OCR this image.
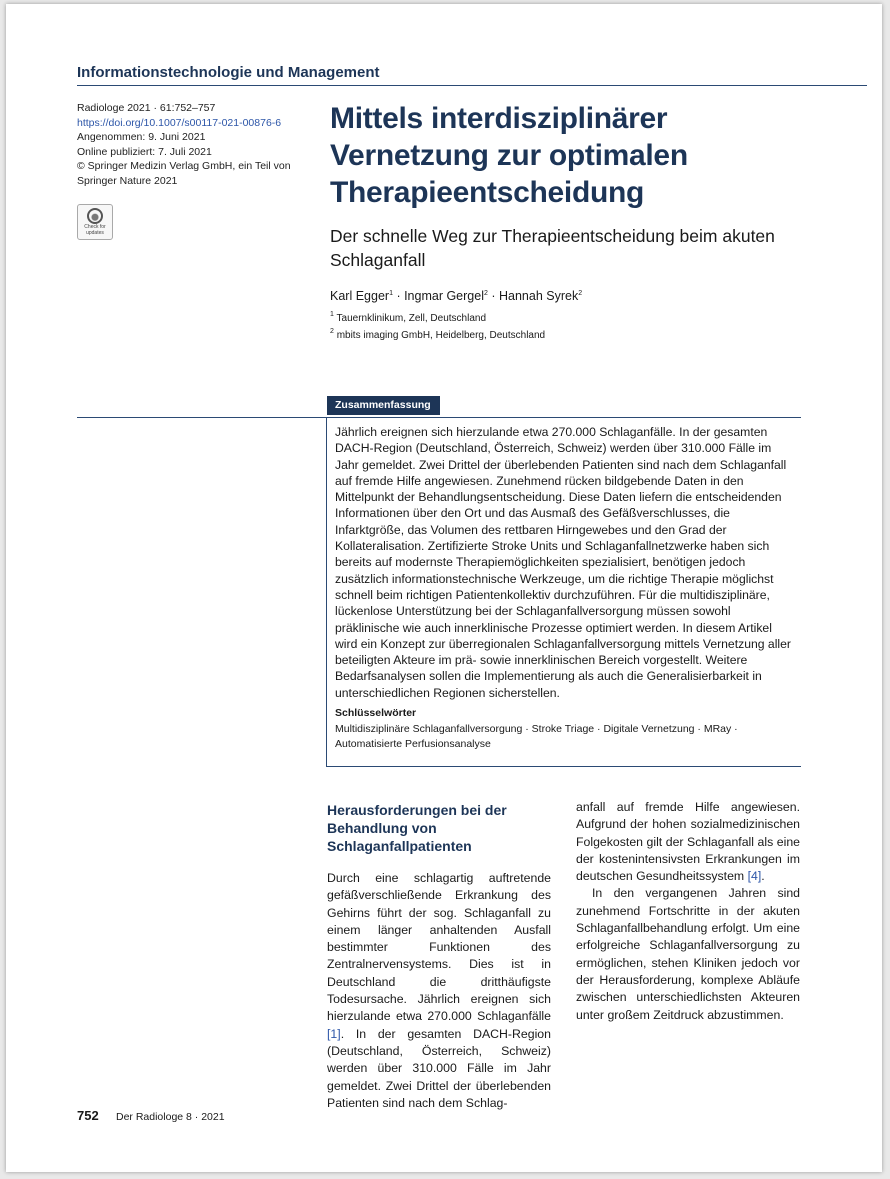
Informationstechnologie und Management
Radiologe 2021 · 61:752–757
https://doi.org/10.1007/s00117-021-00876-6
Angenommen: 9. Juni 2021
Online publiziert: 7. Juli 2021
© Springer Medizin Verlag GmbH, ein Teil von
Springer Nature 2021
Check for updates
Mittels interdisziplinärer Vernetzung zur optimalen Therapieentscheidung
Der schnelle Weg zur Therapieentscheidung beim akuten Schlaganfall
Karl Egger$^1$ · Ingmar Gergel$^2$ · Hannah Syrek$^2$
$^1$ Tauernklinikum, Zell, Deutschland
$^2$ mbits imaging GmbH, Heidelberg, Deutschland
Zusammenfassung
Jährlich ereignen sich hierzulande etwa 270.000 Schlaganfälle. In der gesamten DACH-Region (Deutschland, Österreich, Schweiz) werden über 310.000 Fälle im Jahr gemeldet. Zwei Drittel der überlebenden Patienten sind nach dem Schlaganfall auf fremde Hilfe angewiesen. Zunehmend rücken bildgebende Daten in den Mittelpunkt der Behandlungsentscheidung. Diese Daten liefern die entscheidenden Informationen über den Ort und das Ausmaß des Gefäßverschlusses, die Infarktgröße, das Volumen des rettbaren Hirngewebes und den Grad der Kollateralisation. Zertifizierte Stroke Units und Schlaganfallnetzwerke haben sich bereits auf modernste Therapiemöglichkeiten spezialisiert, benötigen jedoch zusätzlich informationstechnische Werkzeuge, um die richtige Therapie möglichst schnell beim richtigen Patientenkollektiv durchzuführen. Für die multidisziplinäre, lückenlose Unterstützung bei der Schlaganfallversorgung müssen sowohl präklinische wie auch innerklinische Prozesse optimiert werden. In diesem Artikel wird ein Konzept zur überregionalen Schlaganfallversorgung mittels Vernetzung aller beteiligten Akteure im prä- sowie innerklinischen Bereich vorgestellt. Weitere Bedarfsanalysen sollen die Implementierung als auch die Generalisierbarkeit in unterschiedlichen Regionen sicherstellen.
Schlüsselwörter
Multidisziplinäre Schlaganfallversorgung · Stroke Triage · Digitale Vernetzung · MRay · Automatisierte Perfusionsanalyse
Herausforderungen bei der Behandlung von Schlaganfallpatienten

Durch eine schlagartig auftretende gefäßverschließende Erkrankung des Gehirns führt der sog. Schlaganfall zu einem länger anhaltenden Ausfall bestimmter Funktionen des Zentralnervensystems. Dies ist in Deutschland die dritthäufigste Todesursache. Jährlich ereignen sich hierzulande etwa 270.000 Schlaganfälle [1]. In der gesamten DACH-Region (Deutschland, Österreich, Schweiz) werden über 310.000 Fälle im Jahr gemeldet. Zwei Drittel der überlebenden Patienten sind nach dem Schlag-

anfall auf fremde Hilfe angewiesen. Aufgrund der hohen sozialmedizinischen Folgekosten gilt der Schlaganfall als eine der kostenintensivsten Erkrankungen im deutschen Gesundheitssystem [4].

In den vergangenen Jahren sind zunehmend Fortschritte in der akuten Schlaganfallbehandlung erfolgt. Um eine erfolgreiche Schlaganfallversorgung zu ermöglichen, stehen Kliniken jedoch vor der Herausforderung, komplexe Abläufe zwischen unterschiedlichsten Akteuren unter großem Zeitdruck abzustimmen.

752 Der Radiologe 8 · 2021
